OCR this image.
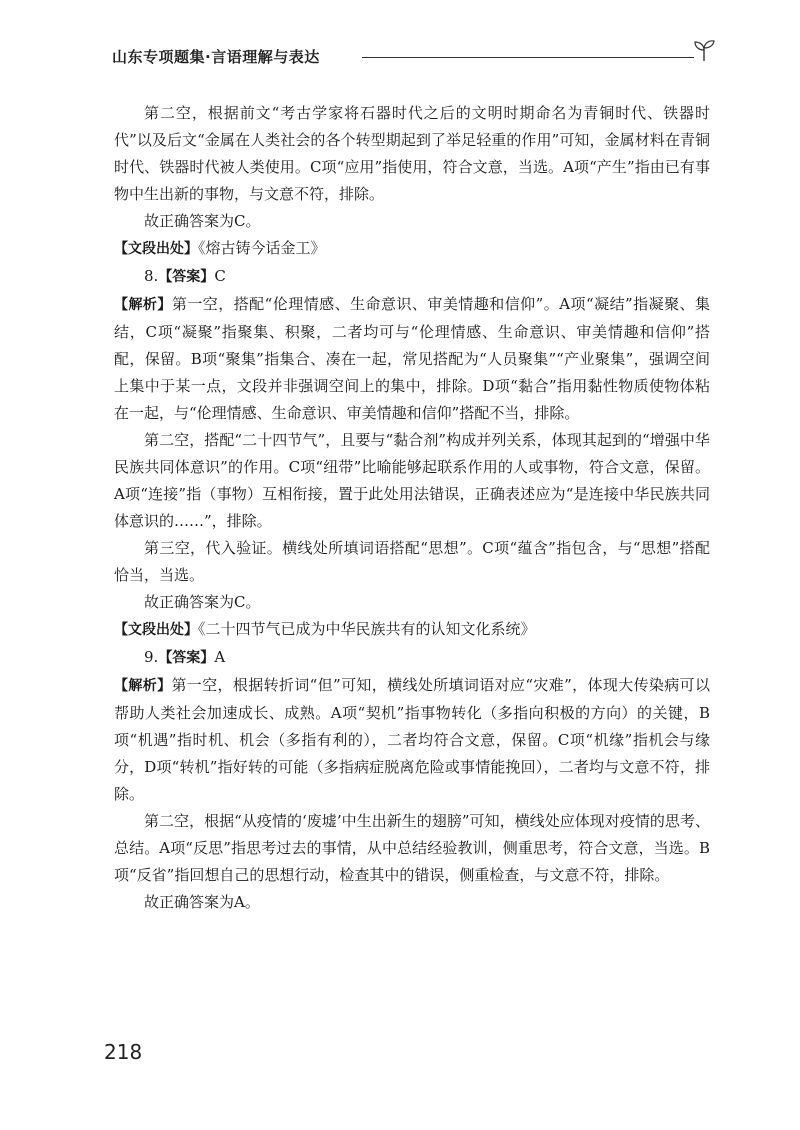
山东专项题集·言语理解与表达

第二空，根据前文“考古学家将石器时代之后的文明时期命名为青铜时代、铁器时代”以及后文“金属在人类社会的各个转型期起到了举足轻重的作用”可知，金属材料在青铜时代、铁器时代被人类使用。C项“应用”指使用，符合文意，当选。A项“产生”指由已有事物中生出新的事物，与文意不符，排除。

故正确答案为C。

【文段出处】《熔古铸今话金工》

8.【答案】C

【解析】第一空，搭配“伦理情感、生命意识、审美情趣和信仰”。A项“凝结”指凝聚、集结，C项“凝聚”指聚集、积聚，二者均可与“伦理情感、生命意识、审美情趣和信仰”搭配，保留。B项“聚集”指集合、凑在一起，常见搭配为“人员聚集”“产业聚集”，强调空间上集中于某一点，文段并非强调空间上的集中，排除。D项“黏合”指用黏性物质使物体粘在一起，与“伦理情感、生命意识、审美情趣和信仰”搭配不当，排除。

第二空，搭配“二十四节气”，且要与“黏合剂”构成并列关系，体现其起到的“增强中华民族共同体意识”的作用。C项“纽带”比喻能够起联系作用的人或事物，符合文意，保留。A项“连接”指（事物）互相衔接，置于此处用法错误，正确表述应为“是连接中华民族共同体意识的……”，排除。

第三空，代入验证。横线处所填词语搭配“思想”。C项“蕴含”指包含，与“思想”搭配恰当，当选。

故正确答案为C。

【文段出处】《二十四节气已成为中华民族共有的认知文化系统》

9.【答案】A

【解析】第一空，根据转折词“但”可知，横线处所填词语对应“灾难”，体现大传染病可以帮助人类社会加速成长、成熟。A项“契机”指事物转化（多指向积极的方向）的关键，B项“机遇”指时机、机会（多指有利的），二者均符合文意，保留。C项“机缘”指机会与缘分，D项“转机”指好转的可能（多指病症脱离危险或事情能挽回），二者均与文意不符，排除。

第二空，根据“从疫情的‘废墟’中生出新生的翅膀”可知，横线处应体现对疫情的思考、总结。A项“反思”指思考过去的事情，从中总结经验教训，侧重思考，符合文意，当选。B项“反省”指回想自己的思想行动，检查其中的错误，侧重检查，与文意不符，排除。

故正确答案为A。

218
